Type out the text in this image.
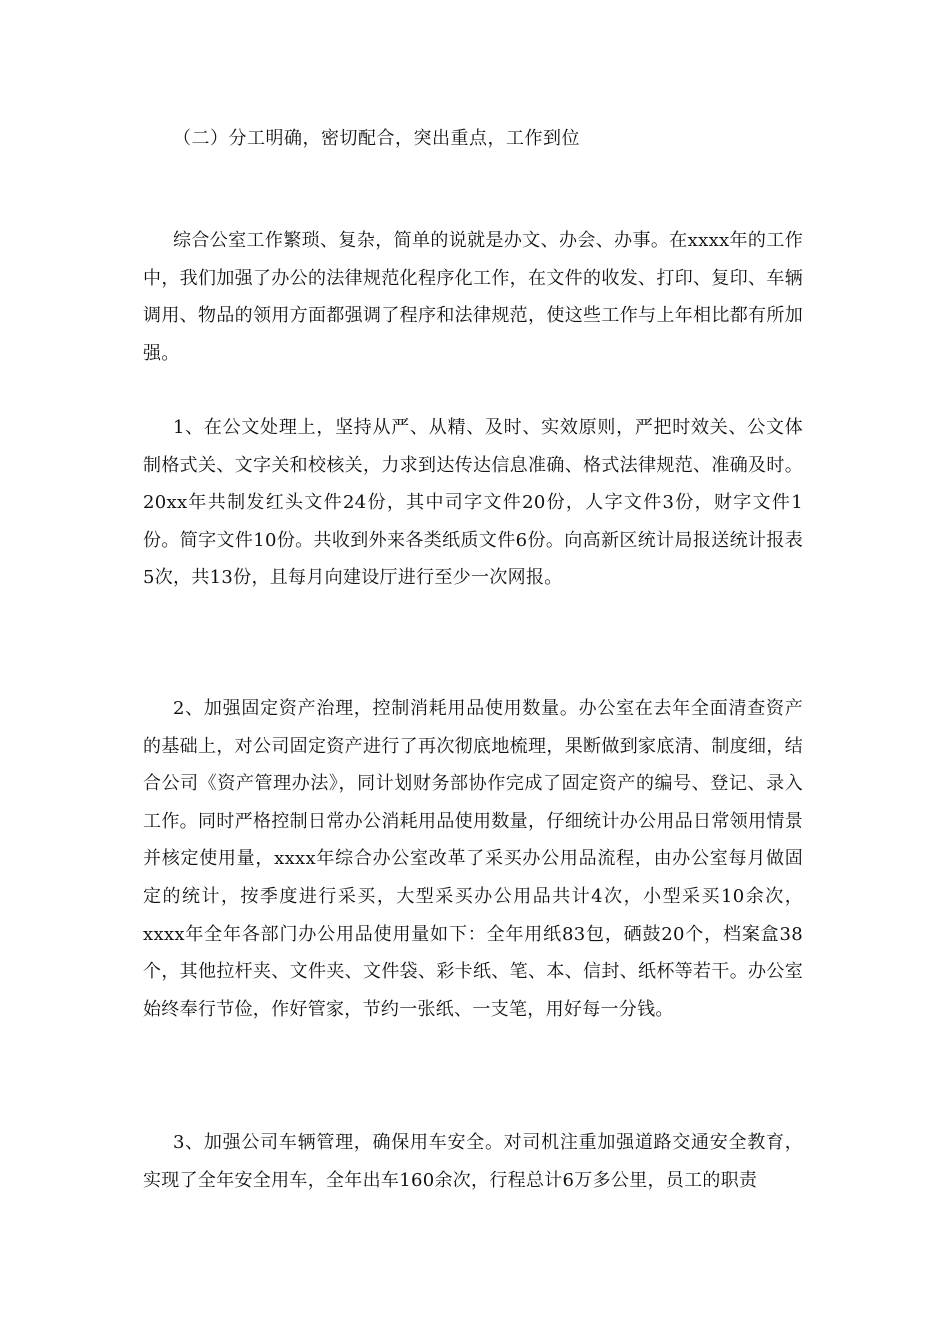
（二）分工明确，密切配合，突出重点，工作到位

综合公室工作繁琐、复杂，简单的说就是办文、办会、办事。在xxxx年的工作中，我们加强了办公的法律规范化程序化工作，在文件的收发、打印、复印、车辆调用、物品的领用方面都强调了程序和法律规范，使这些工作与上年相比都有所加强。

1、在公文处理上，坚持从严、从精、及时、实效原则，严把时效关、公文体制格式关、文字关和校核关，力求到达传达信息准确、格式法律规范、准确及时。20xx年共制发红头文件24份，其中司字文件20份，人字文件3份，财字文件1份。简字文件10份。共收到外来各类纸质文件6份。向高新区统计局报送统计报表5次，共13份，且每月向建设厅进行至少一次网报。

2、加强固定资产治理，控制消耗用品使用数量。办公室在去年全面清查资产的基础上，对公司固定资产进行了再次彻底地梳理，果断做到家底清、制度细，结合公司《资产管理办法》，同计划财务部协作完成了固定资产的编号、登记、录入工作。同时严格控制日常办公消耗用品使用数量，仔细统计办公用品日常领用情景并核定使用量，xxxx年综合办公室改革了采买办公用品流程，由办公室每月做固定的统计，按季度进行采买，大型采买办公用品共计4次，小型采买10余次，xxxx年全年各部门办公用品使用量如下：全年用纸83包，硒鼓20个，档案盒38个，其他拉杆夹、文件夹、文件袋、彩卡纸、笔、本、信封、纸杯等若干。办公室始终奉行节俭，作好管家，节约一张纸、一支笔，用好每一分钱。

3、加强公司车辆管理，确保用车安全。对司机注重加强道路交通安全教育，实现了全年安全用车，全年出车160余次，行程总计6万多公里，员工的职责
